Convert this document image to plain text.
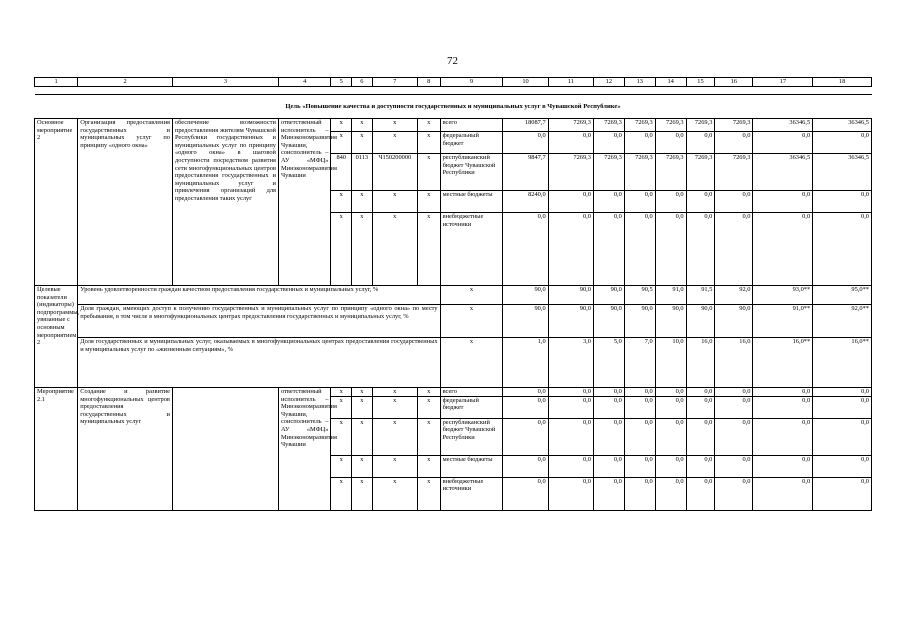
72
1	2	3	4	5	6	7	8	9	10	11	12	13	14	15	16	17	18

Цель «Повышение качества и доступности государственных и муниципальных услуг в Чувашской Республике»																	
Основное мероприятие 2	Организация предоставления государственных и муниципальных услуг по принципу «одного окна»	обеспечение возможности предоставления жителям Чувашской Республики государственных и муниципальных услуг по принципу «одного окна» в шаговой доступности посредством развития сети многофункциональных центров предоставления государственных и муниципальных услуг и привлечения организаций для предоставления таких услуг	ответственный исполнитель – Минэкономразвития Чувашии, соисполнитель – АУ «МФЦ» Минэкономразвития Чувашии	x	x	x	x	всего	18087,7	7269,3	7269,3	7269,3	7269,3	7269,3	7269,3	36346,5	36346,5
				x	x	x	x	федеральный бюджет	0,0	0,0	0,0	0,0	0,0	0,0	0,0	0,0	0,0
				840	0113	Ч150200000	x	республиканский бюджет Чувашской Республики	9847,7	7269,3	7269,3	7269,3	7269,3	7269,3	7269,3	36346,5	36346,5
				x	x	x	x	местные бюджеты	8240,0	0,0	0,0	0,0	0,0	0,0	0,0	0,0	0,0
				x	x	x	x	внебюджетные источники	0,0	0,0	0,0	0,0	0,0	0,0	0,0	0,0	0,0
Целевые показатели (индикаторы) подпрограммы, увязанные с основным мероприятием 2	Уровень удовлетворенности граждан качеством предоставления государственных и муниципальных услуг, %							x	90,0	90,0	90,0	90,5	91,0	91,5	92,0	93,0**	95,0**
	Доля граждан, имеющих доступ к получению государственных и муниципальных услуг по принципу «одного окна» по месту пребывания, в том числе в многофункциональных центрах предоставления государственных и муниципальных услуг, %							x	90,0	90,0	90,0	90,0	90,0	90,0	90,0	91,0**	92,0**
	Доля государственных и муниципальных услуг, оказываемых в многофункциональных центрах предоставления государственных и муниципальных услуг по «жизненным ситуациям», %							x	1,0	3,0	5,0	7,0	10,0	16,0	16,0	16,0**	16,0**
Мероприятие 2.1	Создание и развитие многофункциональных центров предоставления государственных и муниципальных услуг		ответственный исполнитель – Минэкономразвития Чувашии, соисполнитель – АУ «МФЦ» Минэкономразвития Чувашии	x	x	x	x	всего	0,0	0,0	0,0	0,0	0,0	0,0	0,0	0,0	0,0
				x	x	x	x	федеральный бюджет	0,0	0,0	0,0	0,0	0,0	0,0	0,0	0,0	0,0
				x	x	x	x	республиканский бюджет Чувашской Республики	0,0	0,0	0,0	0,0	0,0	0,0	0,0	0,0	0,0
				x	x	x	x	местные бюджеты	0,0	0,0	0,0	0,0	0,0	0,0	0,0	0,0	0,0
				x	x	x	x	внебюджетные источники	0,0	0,0	0,0	0,0	0,0	0,0	0,0	0,0	0,0
